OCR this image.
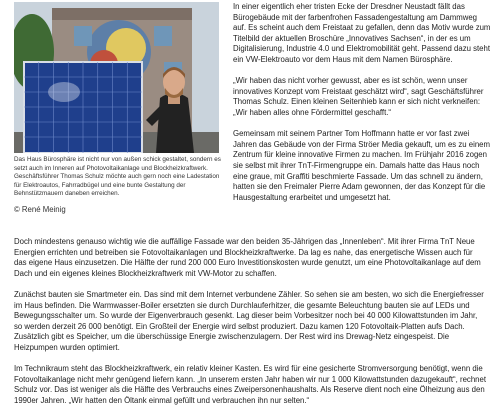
Das Haus Bürosphäre ist nicht nur von außen schick gestaltet, sondern es setzt auch im Inneren auf Photovoltaikanlage und Blockheizkraftwerk. Geschäftsführer Thomas Schulz möchte auch gern noch eine Ladestation für Elektroautos, Fahrradbügel und eine bunte Gestaltung der Behnstützmauern daneben erreichen.
© René Meinig

In einer eigentlich eher tristen Ecke der Dresdner Neustadt fällt das Bürogebäude mit der farbenfrohen Fassadengestaltung am Dammweg auf. Es scheint auch dem Freistaat zu gefallen, denn das Motiv wurde zum Titelbild der aktuellen Broschüre „Innovatives Sachsen“, in der es um Digitalisierung, Industrie 4.0 und Elektromobilität geht. Passend dazu steht ein VW-Elektroauto vor dem Haus mit dem Namen Bürosphäre.

„Wir haben das nicht vorher gewusst, aber es ist schön, wenn unser innovatives Konzept vom Freistaat geschätzt wird“, sagt Geschäftsführer Thomas Schulz. Einen kleinen Seitenhieb kann er sich nicht verkneifen: „Wir haben alles ohne Fördermittel geschafft.“

Gemeinsam mit seinem Partner Tom Hoffmann hatte er vor fast zwei Jahren das Gebäude von der Firma Ströer Media gekauft, um es zu einem Zentrum für kleine innovative Firmen zu machen. Im Frühjahr 2016 zogen sie selbst mit ihrer TnT-Firmengruppe ein. Damals hatte das Haus noch eine graue, mit Graffiti beschmierte Fassade. Um das schnell zu ändern, hatten sie den Freimaler Pierre Adam gewonnen, der das Konzept für die Hausgestaltung erarbeitet und umgesetzt hat.

Doch mindestens genauso wichtig wie die auffällige Fassade war den beiden 35-Jährigen das „Innenleben“. Mit ihrer Firma TnT Neue Energien errichten und betreiben sie Fotovoltaikanlagen und Blockheizkraftwerke. Da lag es nahe, das energetische Wissen auch für das eigene Haus einzusetzen. Die Hälfte der rund 200 000 Euro Investitionskosten wurde genutzt, um eine Photovoltaikanlage auf dem Dach und ein eigenes kleines Blockheizkraftwerk mit VW-Motor zu schaffen.

Zunächst bauten sie Smartmeter ein. Das sind mit dem Internet verbundene Zähler. So sehen sie am besten, wo sich die Energiefresser im Haus befinden. Die Warmwasser-Boiler ersetzten sie durch Durchlauferhitzer, die gesamte Beleuchtung bauten sie auf LEDs und Bewegungsschalter um. So wurde der Eigenverbrauch gesenkt. Lag dieser beim Vorbesitzer noch bei 40 000 Kilowattstunden im Jahr, so werden derzeit 26 000 benötigt. Ein Großteil der Energie wird selbst produziert. Dazu kamen 120 Fotovoltaik-Platten aufs Dach. Zusätzlich gibt es Speicher, um die überschüssige Energie zwischenzulagern. Der Rest wird ins Drewag-Netz eingespeist. Die Heizpumpen wurden optimiert.

Im Technikraum steht das Blockheizkraftwerk, ein relativ kleiner Kasten. Es wird für eine gesicherte Stromversorgung benötigt, wenn die Fotovoltaikanlage nicht mehr genügend liefern kann. „In unserem ersten Jahr haben wir nur 1 000 Kilowattstunden dazugekauft“, rechnet Schulz vor. Das ist weniger als die Hälfte des Verbrauchs eines Zweipersonenhaushalts. Als Reserve dient noch eine Ölheizung aus den 1990er Jahren. „Wir hatten den Öltank einmal gefüllt und verbrauchen ihn nur selten.“
